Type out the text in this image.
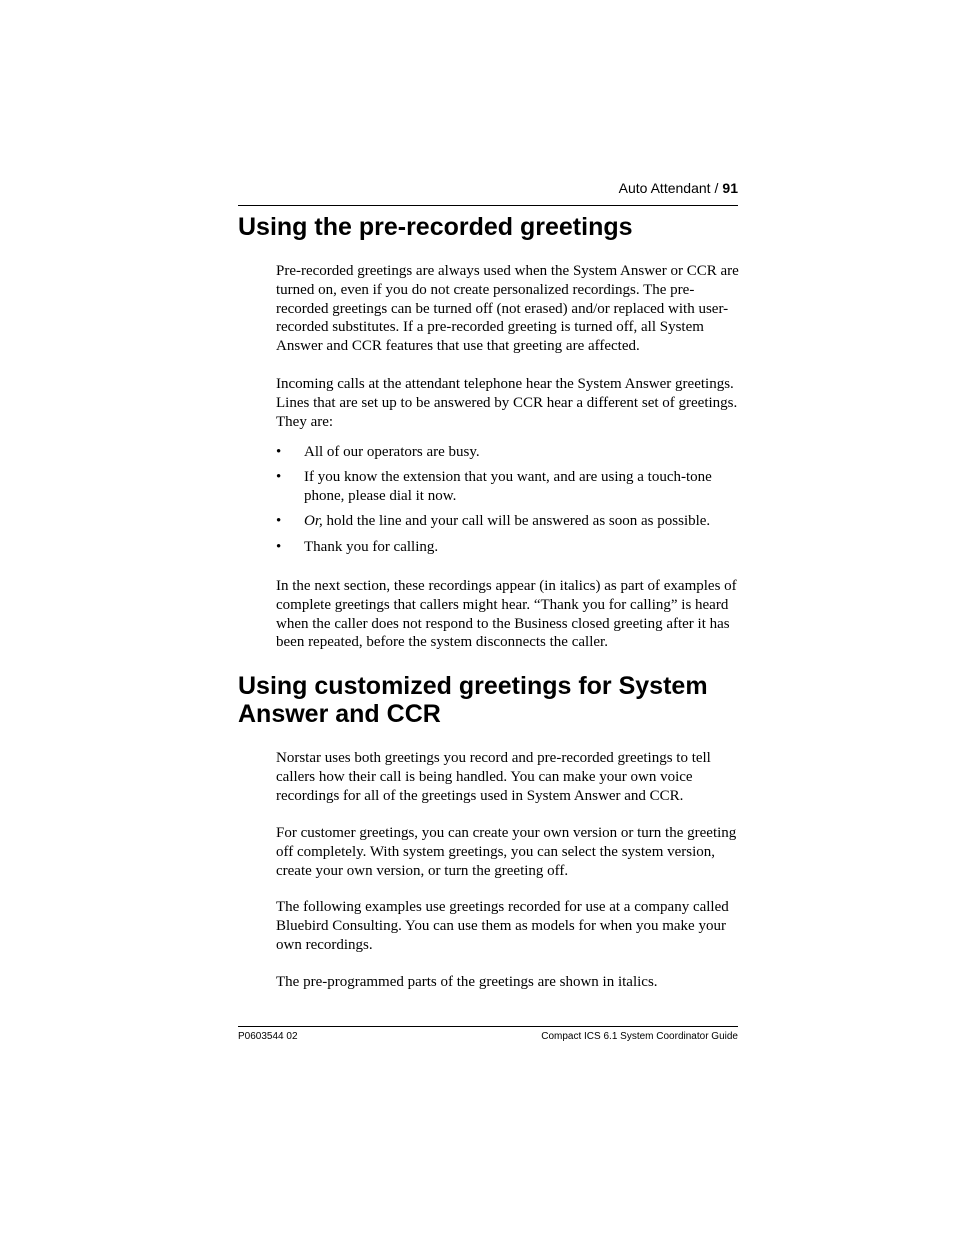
Auto Attendant / 91
Using the pre-recorded greetings

Pre-recorded greetings are always used when the System Answer or CCR are turned on, even if you do not create personalized recordings. The pre-recorded greetings can be turned off (not erased) and/or replaced with user-recorded substitutes. If a pre-recorded greeting is turned off, all System Answer and CCR features that use that greeting are affected.

Incoming calls at the attendant telephone hear the System Answer greetings. Lines that are set up to be answered by CCR hear a different set of greetings. They are:

• All of our operators are busy.
• If you know the extension that you want, and are using a touch-tone phone, please dial it now.
• Or, hold the line and your call will be answered as soon as possible.
• Thank you for calling.

In the next section, these recordings appear (in italics) as part of examples of complete greetings that callers might hear. “Thank you for calling” is heard when the caller does not respond to the Business closed greeting after it has been repeated, before the system disconnects the caller.

Using customized greetings for System Answer and CCR

Norstar uses both greetings you record and pre-recorded greetings to tell callers how their call is being handled. You can make your own voice recordings for all of the greetings used in System Answer and CCR.

For customer greetings, you can create your own version or turn the greeting off completely. With system greetings, you can select the system version, create your own version, or turn the greeting off.

The following examples use greetings recorded for use at a company called Bluebird Consulting. You can use them as models for when you make your own recordings.

The pre-programmed parts of the greetings are shown in italics.

P0603544 02	Compact ICS 6.1 System Coordinator Guide
